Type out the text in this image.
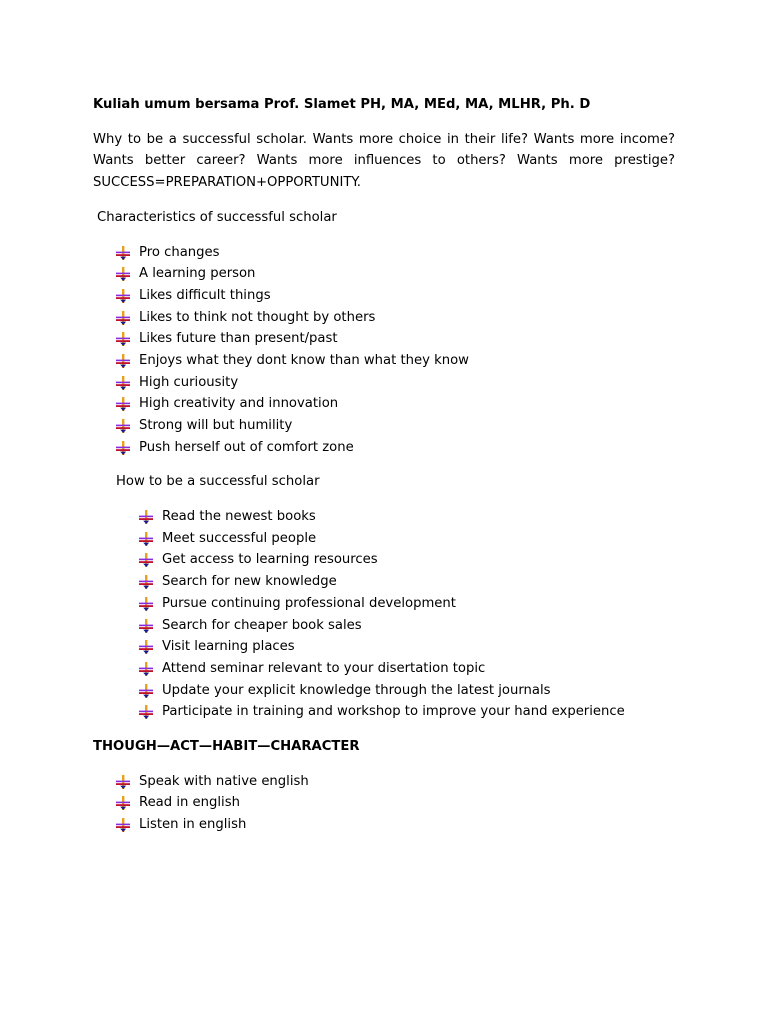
Kuliah umum bersama Prof. Slamet PH, MA, MEd, MA, MLHR, Ph. D

Why to be a successful scholar. Wants more choice in their life? Wants more income?
Wants better career? Wants more influences to others? Wants more prestige?
SUCCESS=PREPARATION+OPPORTUNITY.

Characteristics of successful scholar

Pro changes
A learning person
Likes difficult things
Likes to think not thought by others
Likes future than present/past
Enjoys what they dont know than what they know
High curiousity
High creativity and innovation
Strong will but humility
Push herself out of comfort zone

How to be a successful scholar

Read the newest books
Meet successful people
Get access to learning resources
Search for new knowledge
Pursue continuing professional development
Search for cheaper book sales
Visit learning places
Attend seminar relevant to your disertation topic
Update your explicit knowledge through the latest journals
Participate in training and workshop to improve your hand experience

THOUGH—ACT—HABIT—CHARACTER

Speak with native english
Read in english
Listen in english
